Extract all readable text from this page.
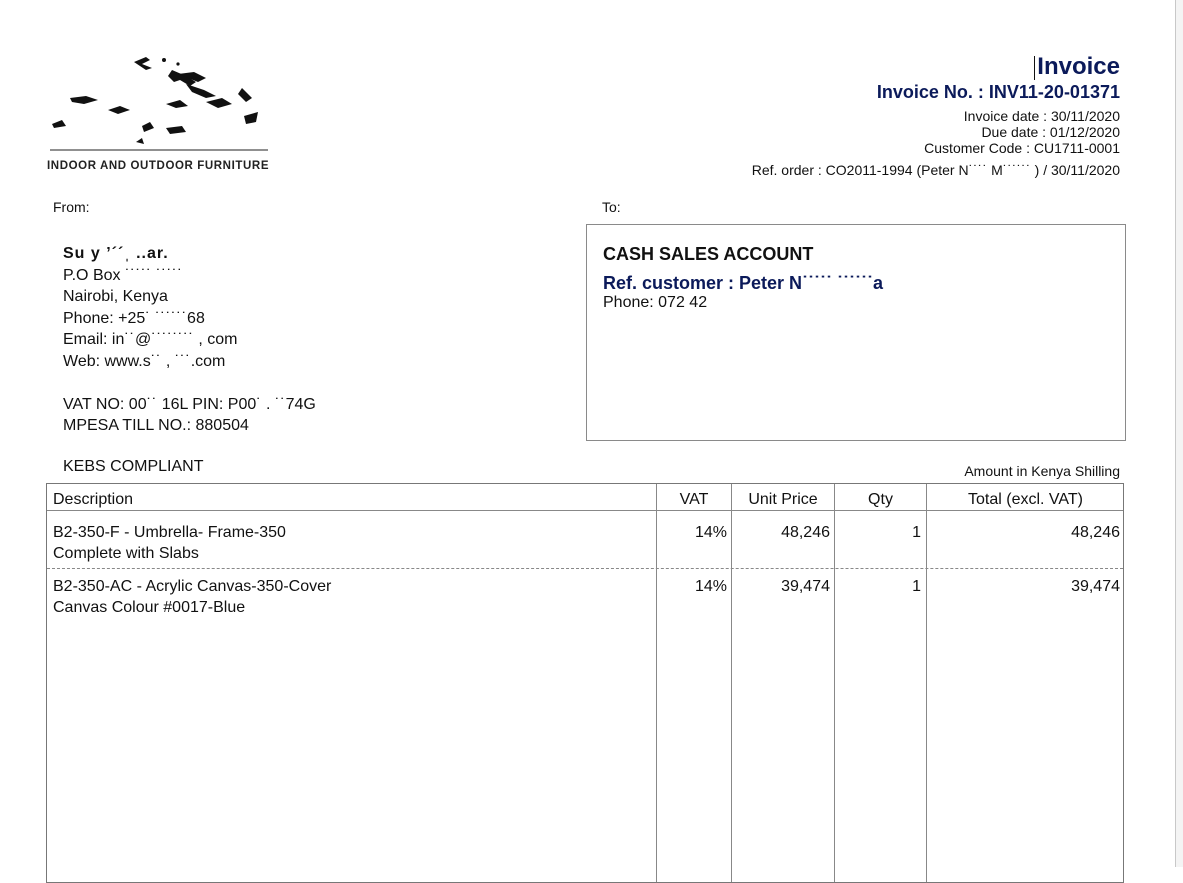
INDOOR AND OUTDOOR FURNITURE
Invoice
Invoice No. : INV11-20-01371
Invoice date : 30/11/2020
Due date : 01/12/2020
Customer Code : CU1711-0001
Ref. order : CO2011-1994 (Peter N˙˙˙˙ M˙˙˙˙˙˙ ) / 30/11/2020
From:
Su y ʼ´´ˌ ..ar.
P.O Box ˙˙˙˙˙ ˙˙˙˙˙
Nairobi, Kenya
Phone: +25˙ ˙˙˙˙˙˙68
Email: in˙˙@˙˙˙˙˙˙˙˙ , com
Web: www.s˙˙ , ˙˙˙.com
VAT NO: 00˙˙ 16L PIN: P00˙ . ˙˙74G
MPESA TILL NO.: 880504
To:
CASH SALES ACCOUNT
Ref. customer : Peter N˙˙˙˙˙ ˙˙˙˙˙˙a
Phone: 072 42
KEBS COMPLIANT	Amount in Kenya Shilling
Description	VAT	Unit Price	Qty	Total (excl. VAT)
B2-350-F - Umbrella- Frame-350
Complete with Slabs
14%	48,246	1	48,246
B2-350-AC - Acrylic Canvas-350-Cover
Canvas Colour #0017-Blue
14%	39,474	1	39,474
